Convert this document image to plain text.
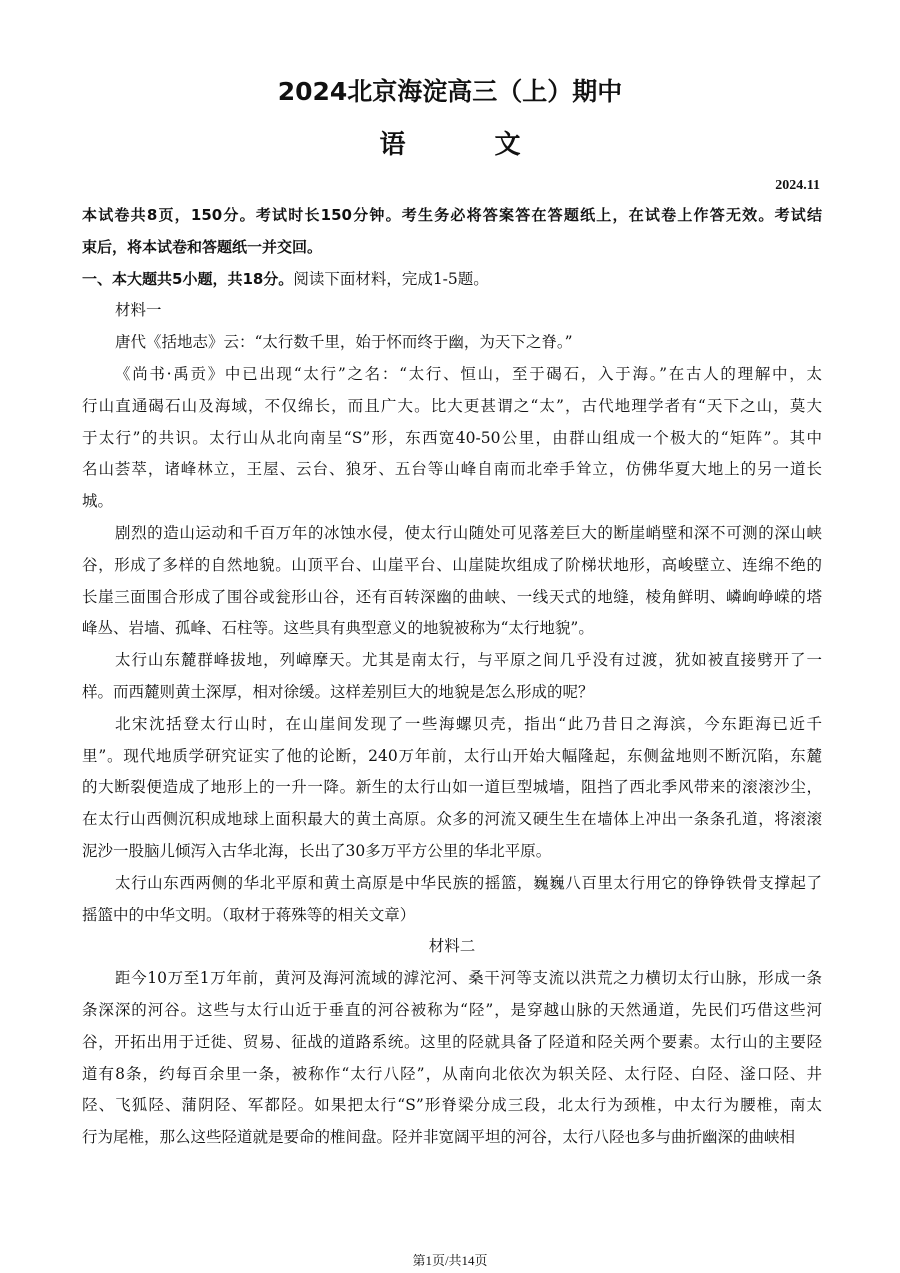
2024北京海淀高三（上）期中
语 文
2024.11
本试卷共8页，150分。考试时长150分钟。考生务必将答案答在答题纸上，在试卷上作答无效。考试结
束后，将本试卷和答题纸一并交回。
一、本大题共5小题，共18分。阅读下面材料，完成1-5题。
材料一
唐代《括地志》云：“太行数千里，始于怀而终于幽，为天下之脊。”
《尚书·禹贡》中已出现“太行”之名：“太行、恒山，至于碣石，入于海。”在古人的理解中，太
行山直通碣石山及海域，不仅绵长，而且广大。比大更甚谓之“太”，古代地理学者有“天下之山，莫大
于太行”的共识。太行山从北向南呈“S”形，东西宽40-50公里，由群山组成一个极大的“矩阵”。其中
名山荟萃，诸峰林立，王屋、云台、狼牙、五台等山峰自南而北牵手耸立，仿佛华夏大地上的另一道长
城。
剧烈的造山运动和千百万年的冰蚀水侵，使太行山随处可见落差巨大的断崖峭壁和深不可测的深山峡
谷，形成了多样的自然地貌。山顶平台、山崖平台、山崖陡坎组成了阶梯状地形，高峻壁立、连绵不绝的
长崖三面围合形成了围谷或瓮形山谷，还有百转深幽的曲峡、一线天式的地缝，棱角鲜明、嶙峋峥嵘的塔
峰丛、岩墙、孤峰、石柱等。这些具有典型意义的地貌被称为“太行地貌”。
太行山东麓群峰拔地，列嶂摩天。尤其是南太行，与平原之间几乎没有过渡，犹如被直接劈开了一
样。而西麓则黄土深厚，相对徐缓。这样差别巨大的地貌是怎么形成的呢？
北宋沈括登太行山时，在山崖间发现了一些海螺贝壳，指出“此乃昔日之海滨，今东距海已近千
里”。现代地质学研究证实了他的论断，240万年前，太行山开始大幅隆起，东侧盆地则不断沉陷，东麓
的大断裂便造成了地形上的一升一降。新生的太行山如一道巨型城墙，阻挡了西北季风带来的滚滚沙尘，
在太行山西侧沉积成地球上面积最大的黄土高原。众多的河流又硬生生在墙体上冲出一条条孔道，将滚滚
泥沙一股脑儿倾泻入古华北海，长出了30多万平方公里的华北平原。
太行山东西两侧的华北平原和黄土高原是中华民族的摇篮，巍巍八百里太行用它的铮铮铁骨支撑起了
摇篮中的中华文明。（取材于蒋殊等的相关文章）
材料二
距今10万至1万年前，黄河及海河流域的滹沱河、桑干河等支流以洪荒之力横切太行山脉，形成一条
条深深的河谷。这些与太行山近于垂直的河谷被称为“陉”，是穿越山脉的天然通道，先民们巧借这些河
谷，开拓出用于迁徙、贸易、征战的道路系统。这里的陉就具备了陉道和陉关两个要素。太行山的主要陉
道有8条，约每百余里一条，被称作“太行八陉”，从南向北依次为轵关陉、太行陉、白陉、滏口陉、井
陉、飞狐陉、蒲阴陉、军都陉。如果把太行“S”形脊梁分成三段，北太行为颈椎，中太行为腰椎，南太
行为尾椎，那么这些陉道就是要命的椎间盘。陉并非宽阔平坦的河谷，太行八陉也多与曲折幽深的曲峡相
第1页/共14页
